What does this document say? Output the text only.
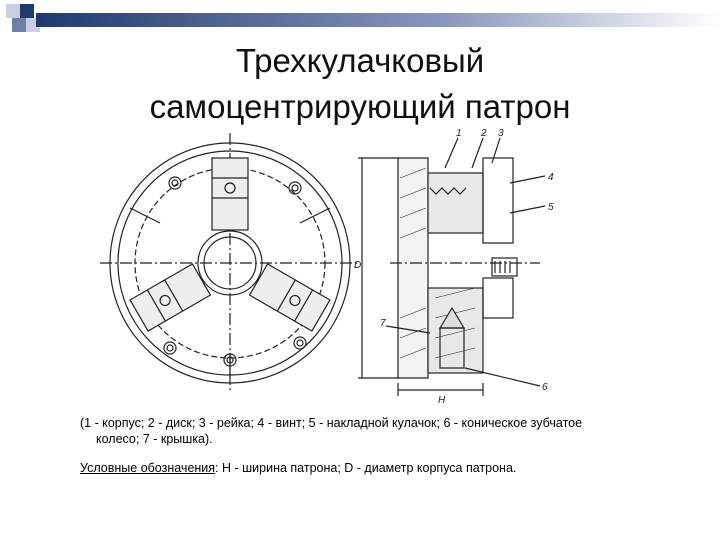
Трехкулачковый
самоцентрирующий патрон
1 2 3
4
5
6
7
D
H
(1 - корпус; 2 - диск; 3 - рейка; 4 - винт; 5 - накладной кулачок; 6 - коническое зубчатое
колесо; 7 - крышка).
Условные обозначения: H - ширина патрона; D - диаметр корпуса патрона.
